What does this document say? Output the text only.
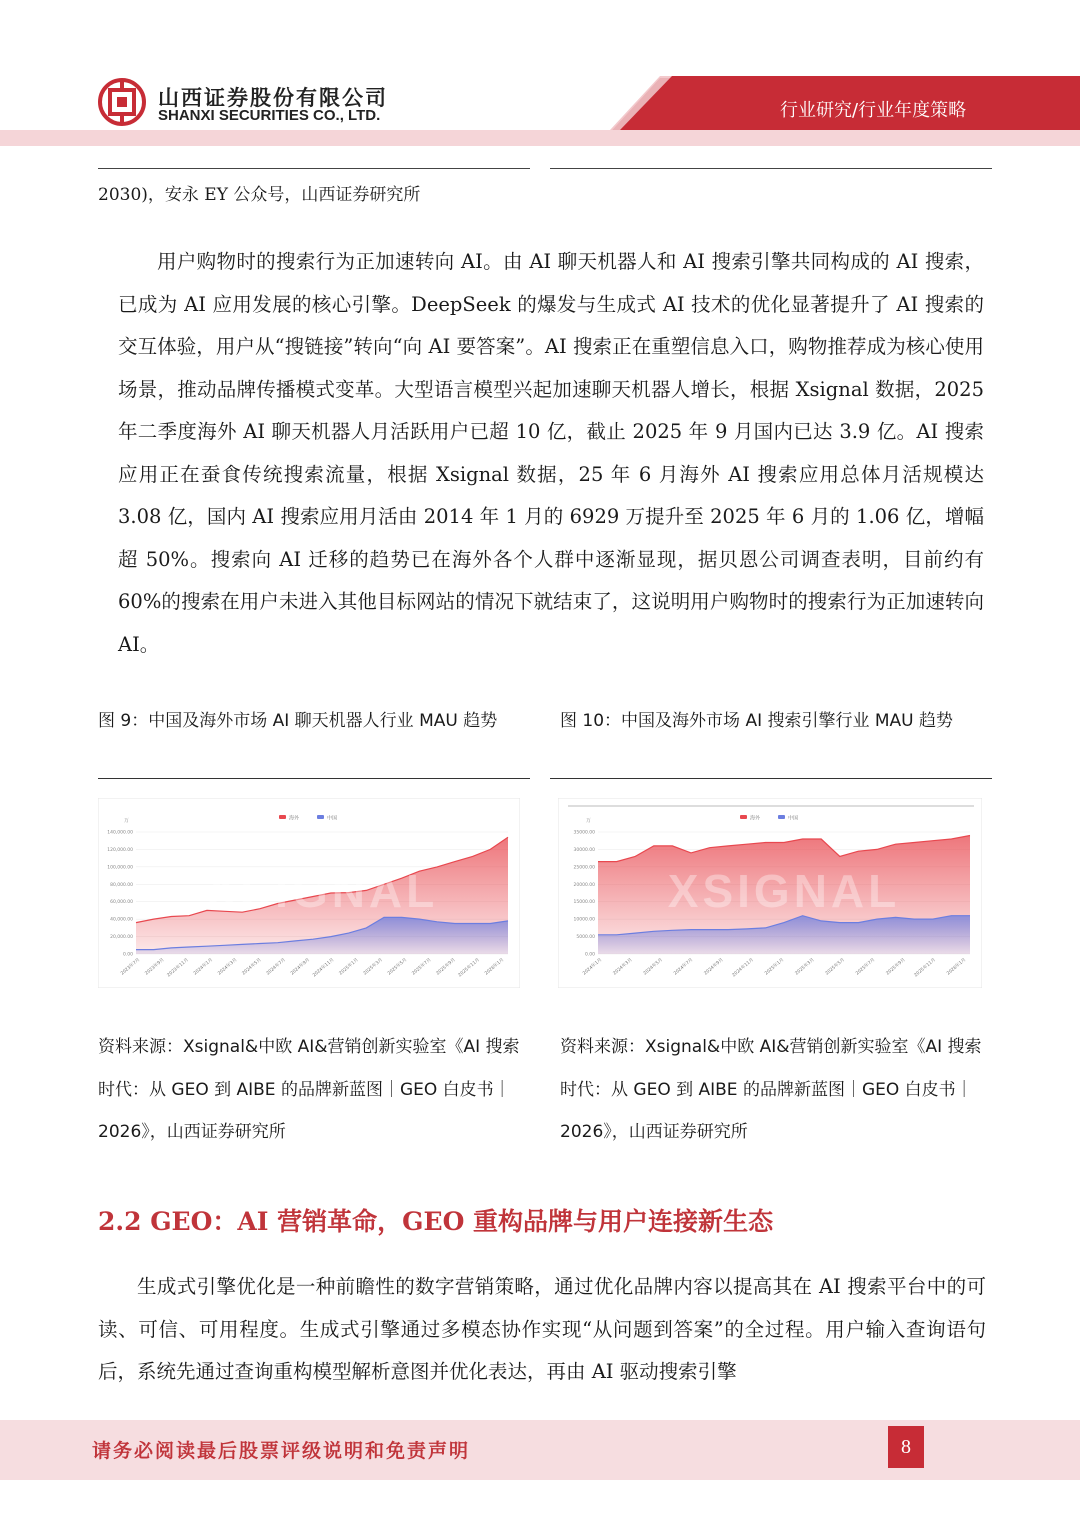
山西证券股份有限公司
SHANXI SECURITIES CO., LTD.	行业研究/行业年度策略
2030)，安永 EY 公众号，山西证券研究所

用户购物时的搜索行为正加速转向 AI。由 AI 聊天机器人和 AI 搜索引擎共同构成的 AI 搜索，已成为 AI 应用发展的核心引擎。DeepSeek 的爆发与生成式 AI 技术的优化显著提升了 AI 搜索的交互体验，用户从“搜链接”转向“向 AI 要答案”。AI 搜索正在重塑信息入口，购物推荐成为核心使用场景，推动品牌传播模式变革。大型语言模型兴起加速聊天机器人增长，根据 Xsignal 数据，2025 年二季度海外 AI 聊天机器人月活跃用户已超 10 亿，截止 2025 年 9 月国内已达 3.9 亿。AI 搜索应用正在蚕食传统搜索流量，根据 Xsignal 数据，25 年 6 月海外 AI 搜索应用总体月活规模达 3.08 亿，国内 AI 搜索应用月活由 2014 年 1 月的 6929 万提升至 2025 年 6 月的 1.06 亿，增幅超 50%。搜索向 AI 迁移的趋势已在海外各个人群中逐渐显现，据贝恩公司调查表明，目前约有 60%的搜索在用户未进入其他目标网站的情况下就结束了，这说明用户购物时的搜索行为正加速转向 AI。

图 9：中国及海外市场 AI 聊天机器人行业 MAU 趋势	图 10：中国及海外市场 AI 搜索引擎行业 MAU 趋势
万	海外	中国
140,000.00
120,000.00
100,000.00
80,000.00
60,000.00
40,000.00
20,000.00
0.00
XSIGNAL
2023年7月 2023年9月 2023年11月 2024年1月 2024年3月 2024年5月 2024年7月 2024年9月 2024年11月 2025年1月 2025年3月 2025年5月 2025年7月 2025年9月 2025年11月 2026年1月
万	海外	中国
35000.00
30000.00
25000.00
20000.00
15000.00
10000.00
5000.00
0.00
XSIGNAL
2024年1月 2024年3月 2024年5月 2024年7月 2024年9月 2024年11月 2025年1月 2025年3月 2025年5月 2025年7月 2025年9月 2025年11月 2026年1月
资料来源：Xsignal&中欧 AI&营销创新实验室《AI 搜索时代：从 GEO 到 AIBE 的品牌新蓝图｜GEO 白皮书｜2026》，山西证券研究所
资料来源：Xsignal&中欧 AI&营销创新实验室《AI 搜索时代：从 GEO 到 AIBE 的品牌新蓝图｜GEO 白皮书｜2026》，山西证券研究所
2.2 GEO：AI 营销革命，GEO 重构品牌与用户连接新生态

生成式引擎优化是一种前瞻性的数字营销策略，通过优化品牌内容以提高其在 AI 搜索平台中的可读、可信、可用程度。生成式引擎通过多模态协作实现“从问题到答案”的全过程。用户输入查询语句后，系统先通过查询重构模型解析意图并优化表达，再由 AI 驱动搜索引擎

请务必阅读最后股票评级说明和免责声明	8
